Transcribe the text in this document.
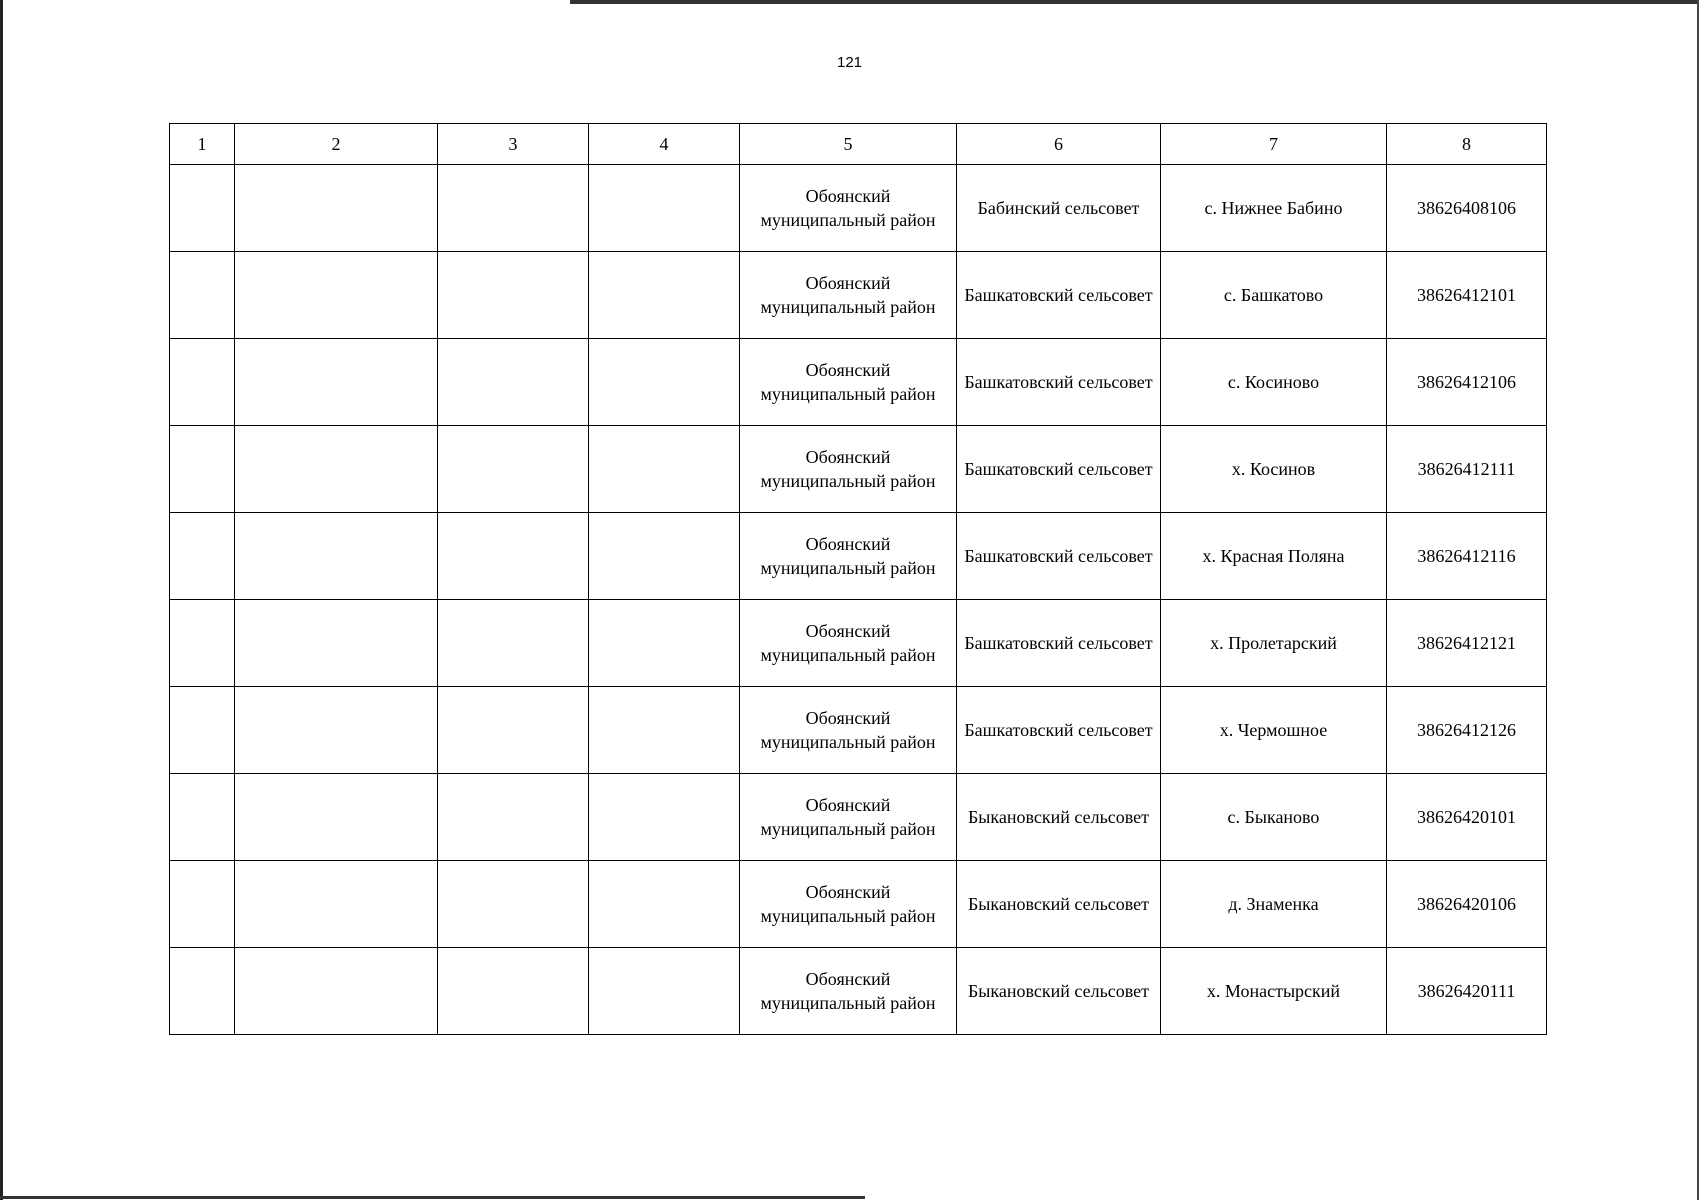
121
1	2	3	4	5	6	7	8
				Обоянский муниципальный район	Бабинский сельсовет	с. Нижнее Бабино	38626408106
				Обоянский муниципальный район	Башкатовский сельсовет	с. Башкатово	38626412101
				Обоянский муниципальный район	Башкатовский сельсовет	с. Косиново	38626412106
				Обоянский муниципальный район	Башкатовский сельсовет	х. Косинов	38626412111
				Обоянский муниципальный район	Башкатовский сельсовет	х. Красная Поляна	38626412116
				Обоянский муниципальный район	Башкатовский сельсовет	х. Пролетарский	38626412121
				Обоянский муниципальный район	Башкатовский сельсовет	х. Чермошное	38626412126
				Обоянский муниципальный район	Быкановский сельсовет	с. Быканово	38626420101
				Обоянский муниципальный район	Быкановский сельсовет	д. Знаменка	38626420106
				Обоянский муниципальный район	Быкановский сельсовет	х. Монастырский	38626420111
